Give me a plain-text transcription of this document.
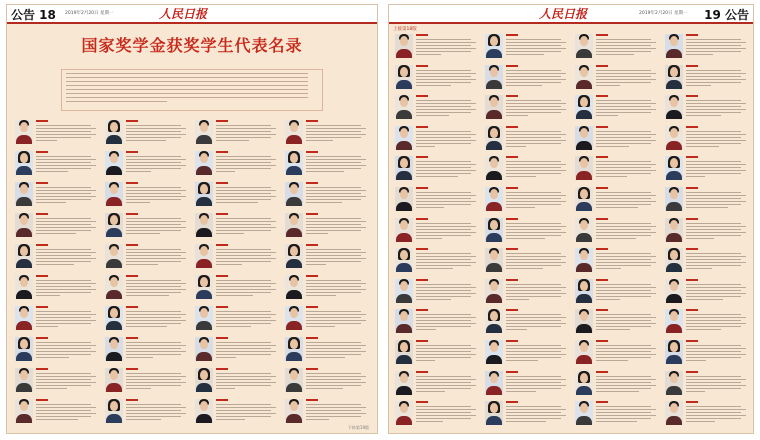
公告 18 2019年2月20日 星期一	人民日报
国家奖学金获奖学生代表名录
下转第19版
人民日报	2019年2月20日 星期一 19 公告
上接第18版
